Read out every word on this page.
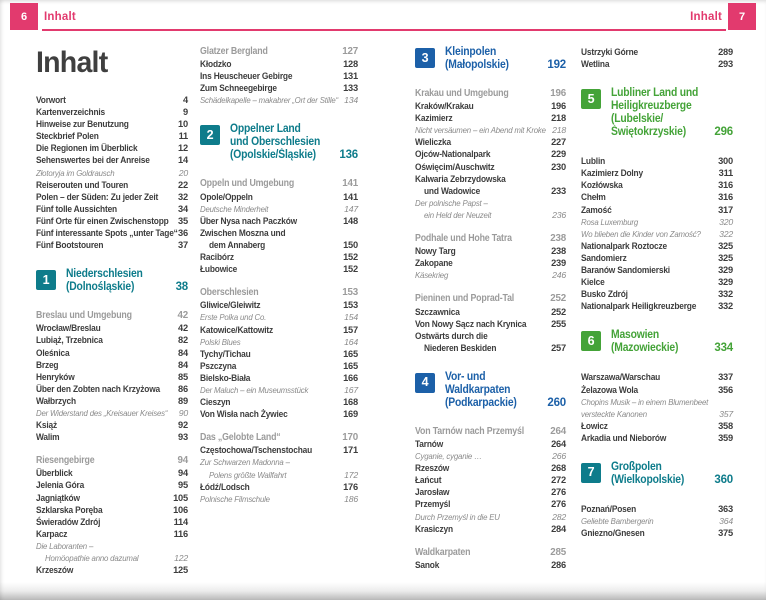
6	Inhalt	Inhalt	7
Inhalt
Vorwort	4
Kartenverzeichnis	9
Hinweise zur Benutzung	10
Steckbrief Polen	11
Die Regionen im Überblick	12
Sehenswertes bei der Anreise	14
Złotoryja im Goldrausch	20
Reiserouten und Touren	22
Polen – der Süden: Zu jeder Zeit 32
Fünf tolle Aussichten	34
Fünf Orte für einen Zwischenstopp 35
Fünf interessante Spots „unter Tage“ 36
Fünf Bootstouren	37
1	Niederschlesien
(Dolnośląskie)	38
Breslau und Umgebung	42
Wrocław/Breslau	42
Lubiąż, Trzebnica	82
Oleśnica	84
Brzeg	84
Henryków	85
Über den Zobten nach Krzyżowa 86
Wałbrzych	89
Der Widerstand des „Kreisauer Kreises“ 90
Książ	92
Walim	93
Riesengebirge	94
Überblick	94
Jelenia Góra	95
Jagniątków	105
Szklarska Poręba	106
Świeradów Zdrój	114
Karpacz	116
Die Laboranten –
Homöopathie anno dazumal	122
Krzeszów	125
Glatzer Bergland	127
Kłodzko	128
Ins Heuscheuer Gebirge	131
Zum Schneegebirge	133
Schädelkapelle – makabrer „Ort der Stille“ 134
2	Oppelner Land
und Oberschlesien
(Opolskie/Śląskie) 136
Oppeln und Umgebung	141
Opole/Oppeln	141
Deutsche Minderheit	147
Über Nysa nach Paczków	148
Zwischen Moszna und
dem Annaberg	150
Racibórz	152
Łubowice	152
Oberschlesien	153
Gliwice/Gleiwitz	153
Erste Polka und Co.	154
Katowice/Kattowitz	157
Polski Blues	164
Tychy/Tichau	165
Pszczyna	165
Bielsko-Biała	166
Der Maluch – ein Museumsstück	167
Cieszyn	168
Von Wisła nach Żywiec	169
Das „Gelobte Land“	170
Częstochowa/Tschenstochau	171
Zur Schwarzen Madonna –
Polens größte Wallfahrt	172
Łódź/Lodsch	176
Polnische Filmschule	186
3	Kleinpolen
(Małopolskie)	192
Krakau und Umgebung	196
Kraków/Krakau	196
Kazimierz	218
Nicht versäumen – ein Abend mit Kroke 218
Wieliczka	227
Ojców-Nationalpark	229
Oświęcim/Auschwitz	230
Kalwaria Zebrzydowska
und Wadowice	233
Der polnische Papst –
ein Held der Neuzeit	236
Podhale und Hohe Tatra	238
Nowy Targ	238
Zakopane	239
Käsekrieg	246
Pieninen und Poprad-Tal	252
Szczawnica	252
Von Nowy Sącz nach Krynica	255
Ostwärts durch die
Niederen Beskiden	257
4	Vor- und
Waldkarpaten
(Podkarpackie)	260
Von Tarnów nach Przemyśl	264
Tarnów	264
Cyganie, cyganie …	266
Rzeszów	268
Łańcut	272
Jarosław	276
Przemyśl	276
Durch Przemyśl in die EU	282
Krasiczyn	284
Waldkarpaten	285
Sanok	286
Ustrzyki Górne	289
Wetlina	293
5	Lubliner Land und
Heiligkreuzberge
(Lubelskie/
Świętokrzyskie) 296
Lublin	300
Kazimierz Dolny	311
Kozłówska	316
Chełm	316
Zamość	317
Rosa Luxemburg	320
Wo blieben die Kinder von Zamość? 322
Nationalpark Roztocze	325
Sandomierz	325
Baranów Sandomierski	329
Kielce	329
Busko Zdrój	332
Nationalpark Heiligkreuzberge 332
6	Masowien
(Mazowieckie)	334
Warszawa/Warschau	337
Żelazowa Wola	356
Chopins Musik – in einem Blumenbeet
versteckte Kanonen	357
Łowicz	358
Arkadia und Nieborów	359
7	Großpolen
(Wielkopolskie)	360
Poznań/Posen	363
Geliebte Bambergerin	364
Gniezno/Gnesen	375
